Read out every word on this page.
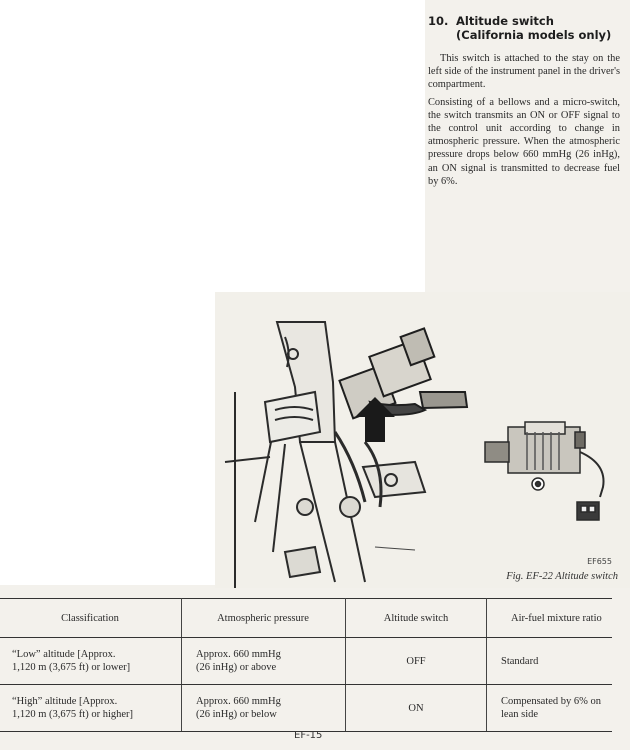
10. Altitude switch
(California models only)

This switch is attached to the stay on the left side of the instrument panel in the driver's compartment.

Consisting of a bellows and a micro-switch, the switch transmits an ON or OFF signal to the control unit according to change in atmospheric pressure. When the atmospheric pressure drops below 660 mmHg (26 inHg), an ON signal is transmitted to decrease fuel by 6%.

EF655
Fig. EF-22 Altitude switch
Classification	Atmospheric pressure	Altitude switch	Air-fuel mixture ratio

“Low” altitude [Approx.
1,120 m (3,675 ft) or lower]	Approx. 660 mmHg
(26 inHg) or above	OFF	Standard

“High” altitude [Approx.
1,120 m (3,675 ft) or higher]	Approx. 660 mmHg
(26 inHg) or below	ON	Compensated by 6% on
lean side
EF-15
